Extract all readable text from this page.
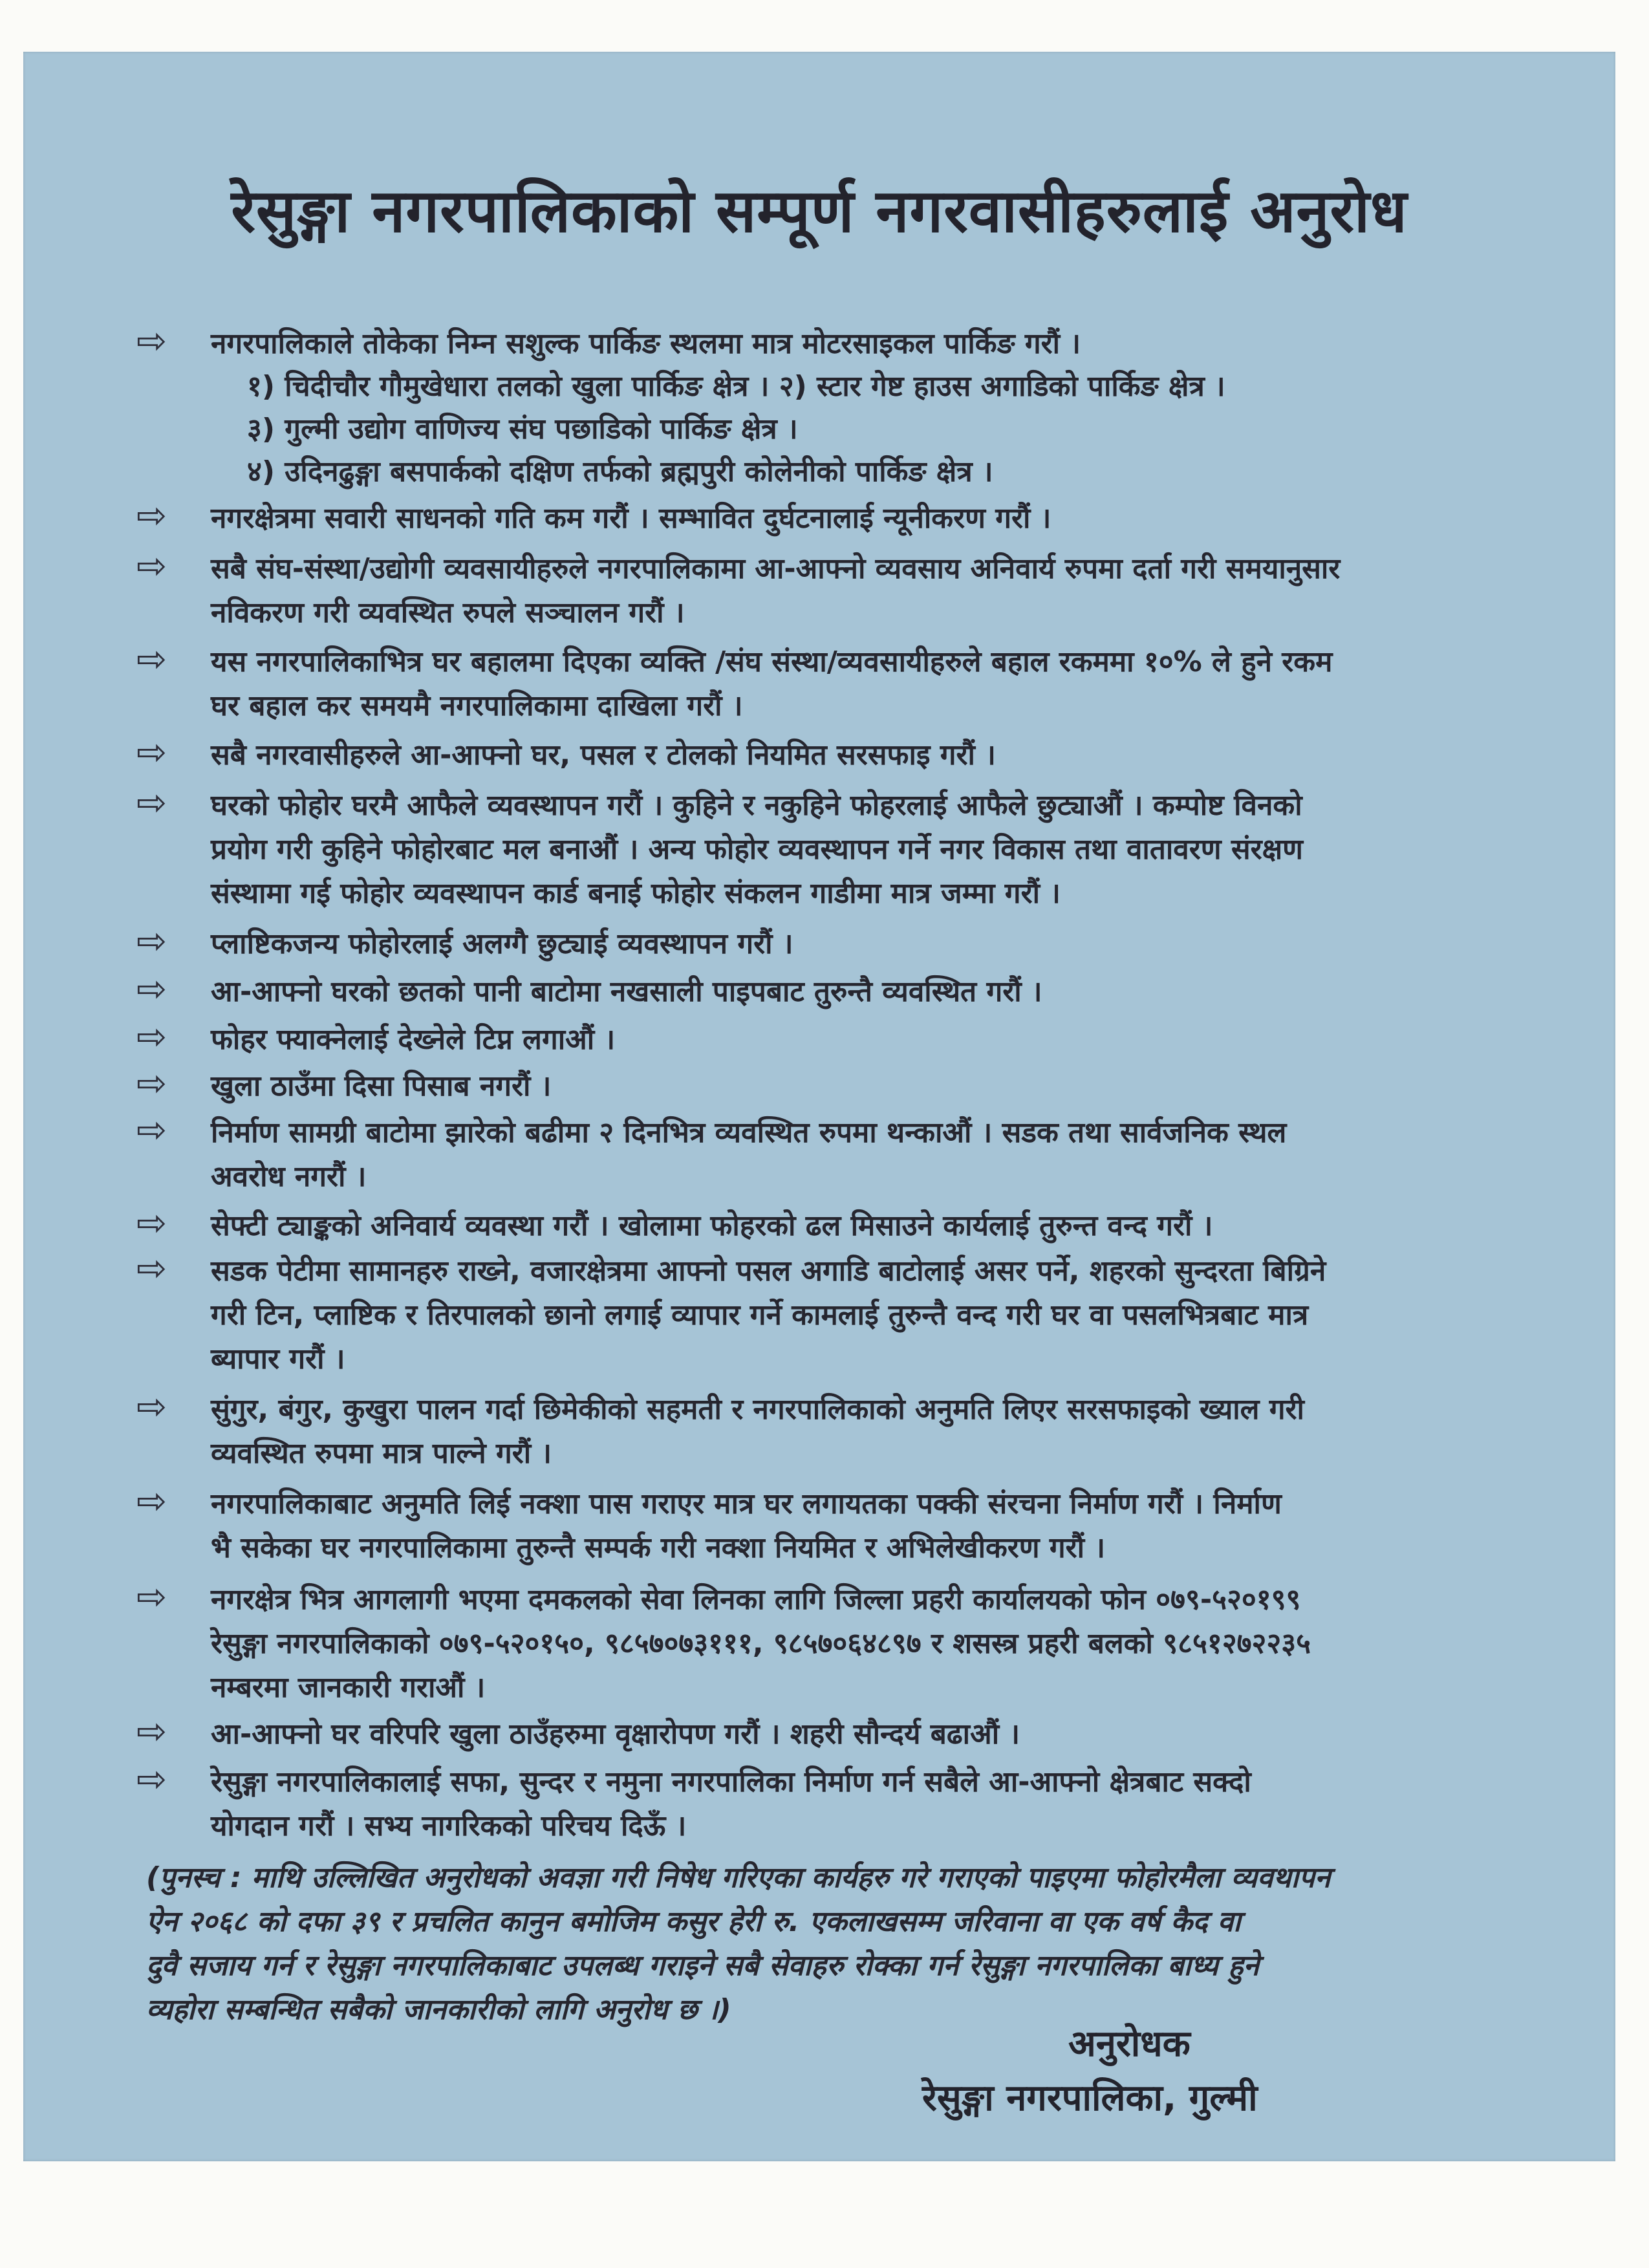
रेसुङ्गा नगरपालिकाको सम्पूर्ण नगरवासीहरुलाई अनुरोध
⇨ नगरपालिकाले तोकेका निम्न सशुल्क पार्किङ स्थलमा मात्र मोटरसाइकल पार्किङ गरौं ।
१) चिदीचौर गौमुखेधारा तलको खुला पार्किङ क्षेत्र । २) स्टार गेष्ट हाउस अगाडिको पार्किङ क्षेत्र ।
३) गुल्मी उद्योग वाणिज्य संघ पछाडिको पार्किङ क्षेत्र ।
४) उदिनढुङ्गा बसपार्कको दक्षिण तर्फको ब्रह्मपुरी कोलेनीको पार्किङ क्षेत्र ।
⇨ नगरक्षेत्रमा सवारी साधनको गति कम गरौं । सम्भावित दुर्घटनालाई न्यूनीकरण गरौं ।
⇨ सबै संघ-संस्था/उद्योगी व्यवसायीहरुले नगरपालिकामा आ-आफ्नो व्यवसाय अनिवार्य रुपमा दर्ता गरी समयानुसार
नविकरण गरी व्यवस्थित रुपले सञ्चालन गरौं ।
⇨ यस नगरपालिकाभित्र घर बहालमा दिएका व्यक्ति /संघ संस्था/व्यवसायीहरुले बहाल रकममा १०% ले हुने रकम
घर बहाल कर समयमै नगरपालिकामा दाखिला गरौं ।
⇨ सबै नगरवासीहरुले आ-आफ्नो घर, पसल र टोलको नियमित सरसफाइ गरौं ।
⇨ घरको फोहोर घरमै आफैले व्यवस्थापन गरौं । कुहिने र नकुहिने फोहरलाई आफैले छुट्याऔं । कम्पोष्ट विनको
प्रयोग गरी कुहिने फोहोरबाट मल बनाऔं । अन्य फोहोर व्यवस्थापन गर्ने नगर विकास तथा वातावरण संरक्षण
संस्थामा गई फोहोर व्यवस्थापन कार्ड बनाई फोहोर संकलन गाडीमा मात्र जम्मा गरौं ।
⇨ प्लाष्टिकजन्य फोहोरलाई अलग्गै छुट्याई व्यवस्थापन गरौं ।
⇨ आ-आफ्नो घरको छतको पानी बाटोमा नखसाली पाइपबाट तुरुन्तै व्यवस्थित गरौं ।
⇨ फोहर फ्याक्नेलाई देख्नेले टिप्न लगाऔं ।
⇨ खुला ठाउँमा दिसा पिसाब नगरौं ।
⇨ निर्माण सामग्री बाटोमा झारेको बढीमा २ दिनभित्र व्यवस्थित रुपमा थन्काऔं । सडक तथा सार्वजनिक स्थल
अवरोध नगरौं ।
⇨ सेफ्टी ट्याङ्कको अनिवार्य व्यवस्था गरौं । खोलामा फोहरको ढल मिसाउने कार्यलाई तुरुन्त वन्द गरौं ।
⇨ सडक पेटीमा सामानहरु राख्ने, वजारक्षेत्रमा आफ्नो पसल अगाडि बाटोलाई असर पर्ने, शहरको सुन्दरता बिग्रिने
गरी टिन, प्लाष्टिक र तिरपालको छानो लगाई व्यापार गर्ने कामलाई तुरुन्तै वन्द गरी घर वा पसलभित्रबाट मात्र
ब्यापार गरौं ।
⇨ सुंगुर, बंगुर, कुखुरा पालन गर्दा छिमेकीको सहमती र नगरपालिकाको अनुमति लिएर सरसफाइको ख्याल गरी
व्यवस्थित रुपमा मात्र पाल्ने गरौं ।
⇨ नगरपालिकाबाट अनुमति लिई नक्शा पास गराएर मात्र घर लगायतका पक्की संरचना निर्माण गरौं । निर्माण
भै सकेका घर नगरपालिकामा तुरुन्तै सम्पर्क गरी नक्शा नियमित र अभिलेखीकरण गरौं ।
⇨ नगरक्षेत्र भित्र आगलागी भएमा दमकलको सेवा लिनका लागि जिल्ला प्रहरी कार्यालयको फोन ०७९-५२०१९९
रेसुङ्गा नगरपालिकाको ०७९-५२०१५०, ९८५७०७३१११, ९८५७०६४८९७ र शसस्त्र प्रहरी बलको ९८५१२७२२३५
नम्बरमा जानकारी गराऔं ।
⇨ आ-आफ्नो घर वरिपरि खुला ठाउँहरुमा वृक्षारोपण गरौं । शहरी सौन्दर्य बढाऔं ।
⇨ रेसुङ्गा नगरपालिकालाई सफा, सुन्दर र नमुना नगरपालिका निर्माण गर्न सबैले आ-आफ्नो क्षेत्रबाट सक्दो
योगदान गरौं । सभ्य नागरिकको परिचय दिऊँ ।
(पुनस्च : माथि उल्लिखित अनुरोधको अवज्ञा गरी निषेध गरिएका कार्यहरु गरे गराएको पाइएमा फोहोरमैला व्यवथापन
ऐन २०६८ को दफा ३९ र प्रचलित कानुन बमोजिम कसुर हेरी रु. एकलाखसम्म जरिवाना वा एक वर्ष कैद वा
दुवै सजाय गर्न र रेसुङ्गा नगरपालिकाबाट उपलब्ध गराइने सबै सेवाहरु रोक्का गर्न रेसुङ्गा नगरपालिका बाध्य हुने
व्यहोरा सम्बन्धित सबैको जानकारीको लागि अनुरोध छ ।)
अनुरोधक
रेसुङ्गा नगरपालिका, गुल्मी
